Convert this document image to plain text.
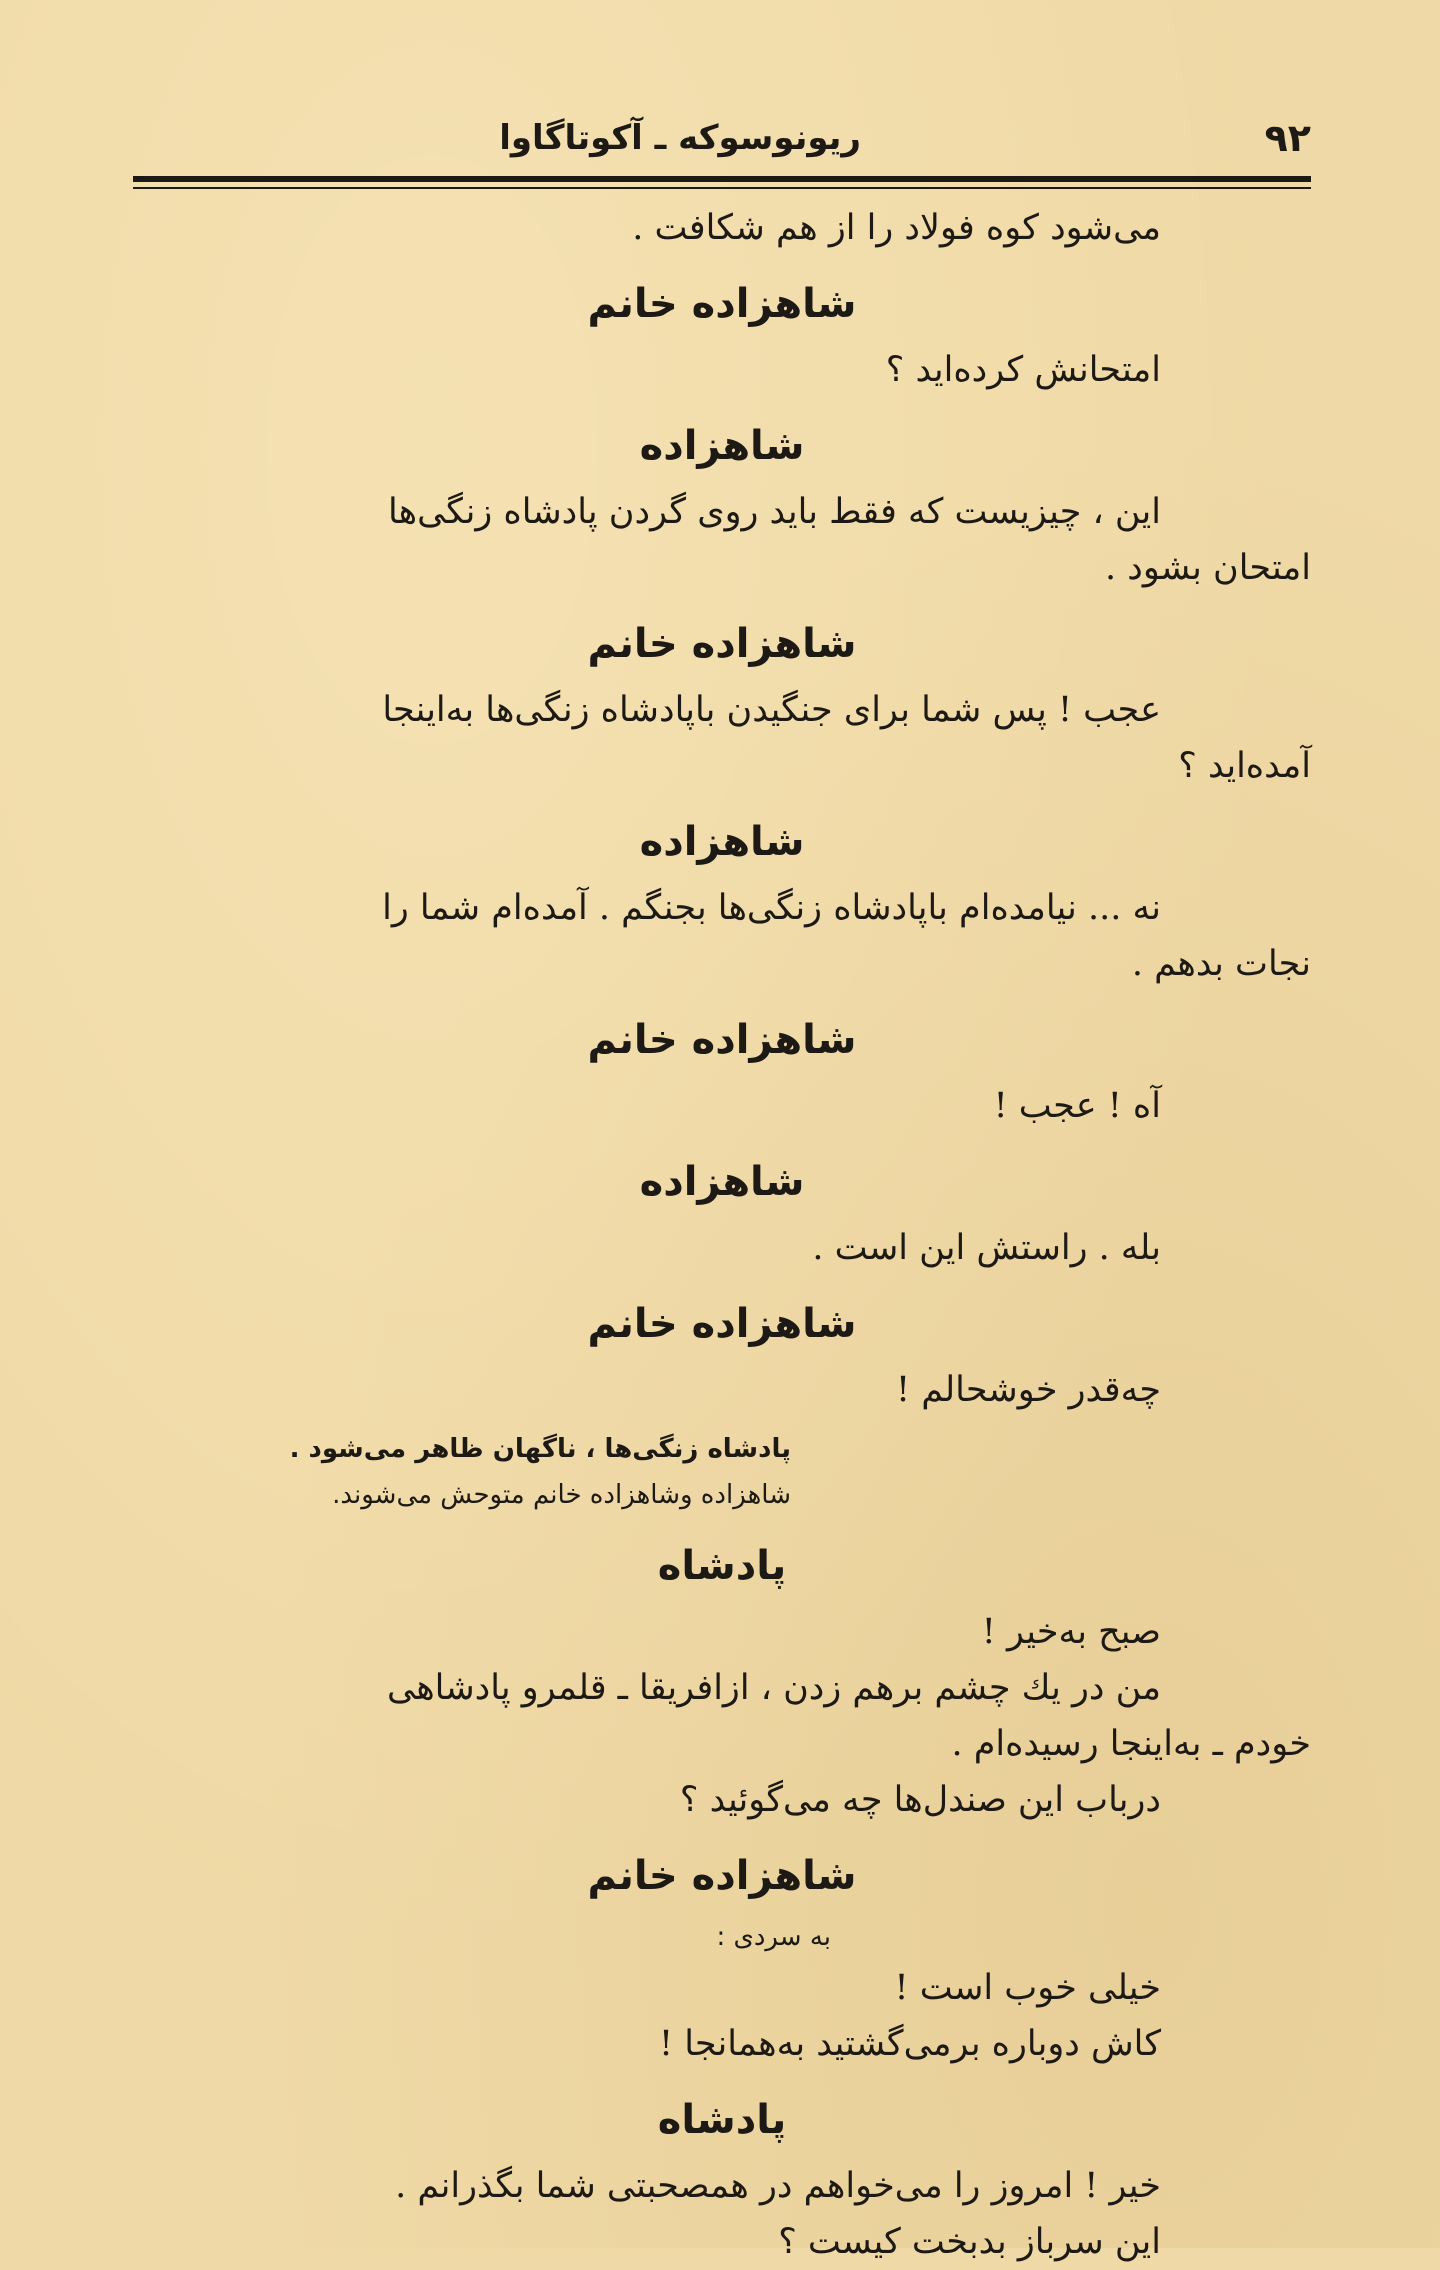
۹۲
ریونوسوکه ـ آکوتاگاوا

می‌شود کوه فولاد را از هم شکافت .

شاهزاده خانم

امتحانش کرده‌اید ؟

شاهزاده

این ، چیزیست که فقط باید روی گردن پادشاه زنگی‌ها

امتحان بشود .

شاهزاده خانم

عجب ! پس شما برای جنگیدن باپادشاه زنگی‌ها به‌اینجا

آمده‌اید ؟

شاهزاده

نه ... نیامده‌ام باپادشاه زنگی‌ها بجنگم . آمده‌ام شما را

نجات بدهم .

شاهزاده خانم

آه ! عجب !

شاهزاده

بله . راستش این است .

شاهزاده خانم

چه‌قدر خوشحالم !

پادشاه زنگی‌ها ، ناگهان ظاهر می‌شود .
شاهزاده وشاهزاده خانم متوحش می‌شوند.
پادشاه

صبح به‌خیر !

من در یك چشم برهم زدن ، ازافریقا ـ قلمرو پادشاهی

خودم ـ به‌اینجا رسیده‌ام .

درباب این صندل‌ها چه می‌گوئید ؟

شاهزاده خانم
به سردی :

خیلی خوب است !

کاش دوباره برمی‌گشتید به‌همانجا !

پادشاه

خیر ! امروز را می‌خواهم در همصحبتی شما بگذرانم .

این سرباز بدبخت کیست ؟
